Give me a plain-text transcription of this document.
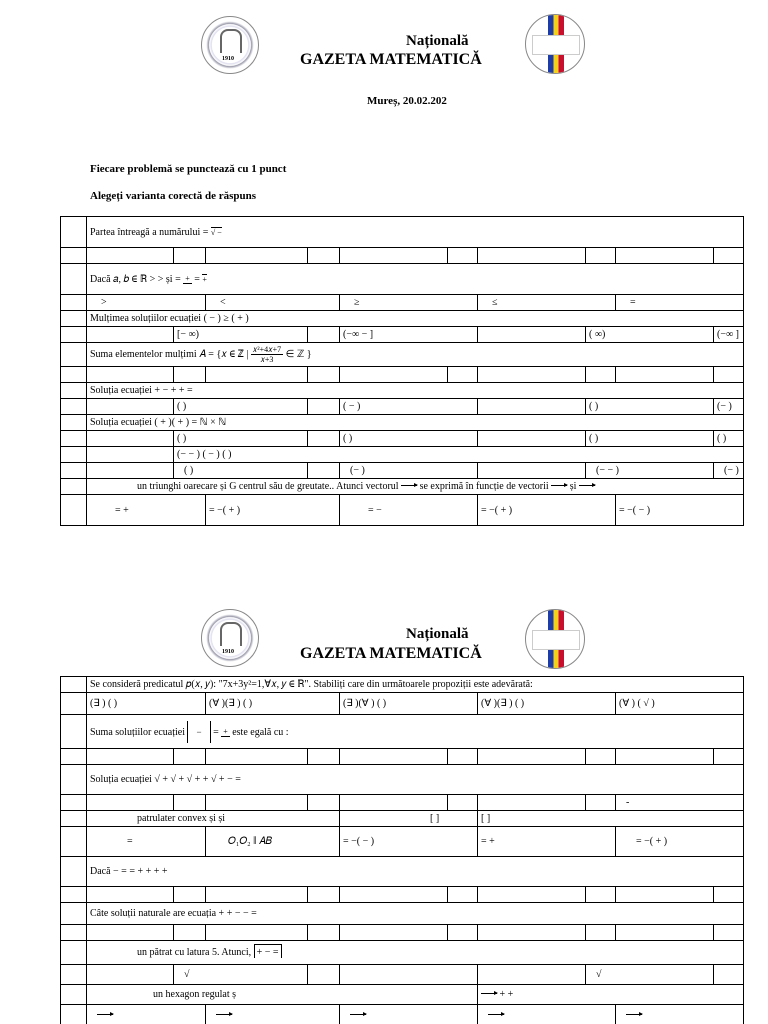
1910
Națională
GAZETA MATEMATICĂ
Mureș, 20.02.202
Fiecare problemă se punctează cu 1 punct
Alegeți varianta corectă de răspuns
	Partea întreagă a numărului = √ −									

	Dacă 𝑎, 𝑏 ∈ ℝ > > și = + = +									

	>		<		≥		≤		=	
	Mulțimea soluțiilor ecuației ( − ) ≥ ( + )									
		[− ∞)			(−∞ − ]			( ∞)		(−∞ ]
	Suma elementelor mulțimi 𝐴 = {𝑥 ∈ ℤ | $\frac{\text{𝑥²+4𝑥+7}}{\text{𝑥+3}}$ ∈ ℤ }									

	Soluția ecuației + − + + =									
		( )			( − )			( )		(− )
	Soluția ecuației ( + )( + ) = ℕ × ℕ									
		( )			( )			( )		( )
		(− − ) ( − ) ( )								
		( )			(− )			(− − )		(− )
	un triunghi oarecare și G centrul său de greutate.. Atunci vectorul se exprimă în funcție de vectorii și									
	= +		= −( + )		= −		= −( + )		= −( − )	
1910
Națională
GAZETA MATEMATICĂ
	Se consideră predicatul 𝑝(𝑥, 𝑦): "7x+3y²=1,∀𝑥, 𝑦 ∈ ℝ". Stabiliți care din următoarele propoziții este adevărată:									
	(∃ ) ( )		(∀ )(∃ ) ( )		(∃ )(∀ ) ( )		(∀ )(∃ ) ( )		(∀ ) ( √ )	
	Suma soluțiilor ecuației − = + este egală cu :									

	Soluția ecuației √ + √ + √ + + √ + − =									
									-	
	patrulater convex și și				[ ]		[ ]			
	=		𝑂₁𝑂₂ ∥ 𝐴𝐵		= −( − )		= +		= −( + )	
	Dacă − = = + + + +									

	Câte soluții naturale are ecuația + + − − =									

	un pătrat cu latura 5. Atunci, + − =									
		√						√		
	un hexagon regulat ș						+ +			
